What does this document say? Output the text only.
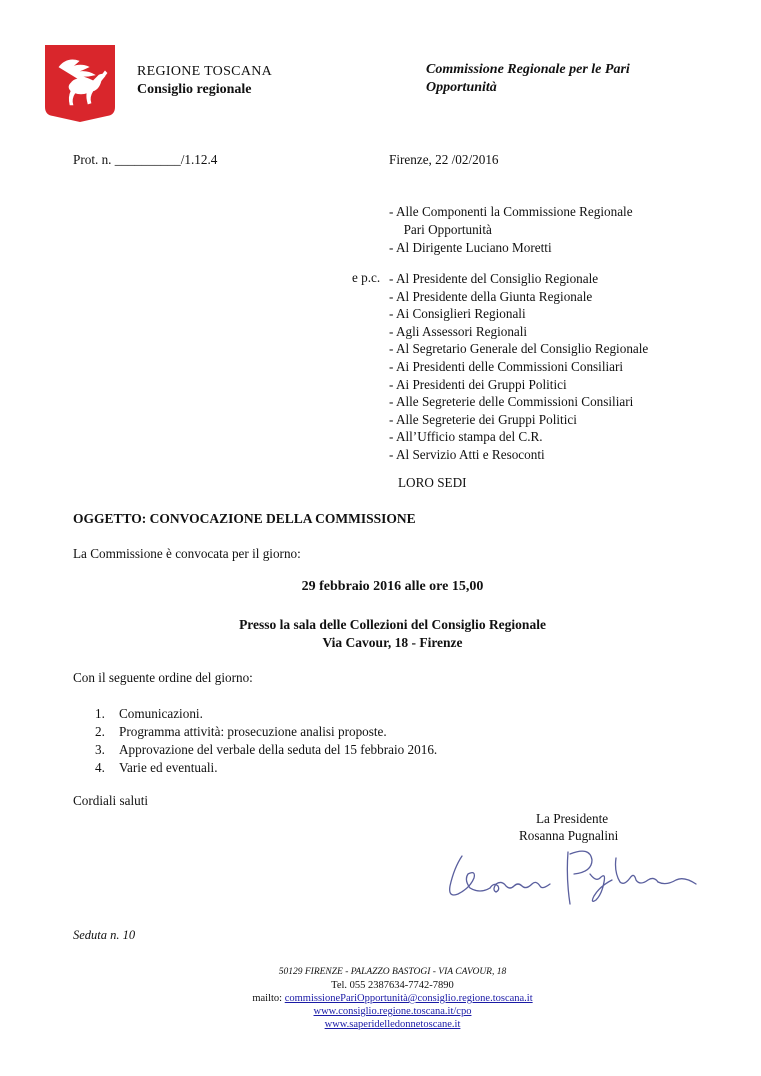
REGIONE TOSCANA
Consiglio regionale
Commissione Regionale per le Pari
Opportunità
Prot. n. __________/1.12.4	Firenze, 22 /02/2016
- Alle Componenti la Commissione Regionale
Pari Opportunità
- Al Dirigente Luciano Moretti
e p.c. - Al Presidente del Consiglio Regionale
- Al Presidente della Giunta Regionale
- Ai Consiglieri Regionali
- Agli Assessori Regionali
- Al Segretario Generale del Consiglio Regionale
- Ai Presidenti delle Commissioni Consiliari
- Ai Presidenti dei Gruppi Politici
- Alle Segreterie delle Commissioni Consiliari
- Alle Segreterie dei Gruppi Politici
- All’Ufficio stampa del C.R.
- Al Servizio Atti e Resoconti
LORO SEDI
OGGETTO: CONVOCAZIONE DELLA COMMISSIONE
La Commissione è convocata per il giorno:
29 febbraio 2016 alle ore 15,00
Presso la sala delle Collezioni del Consiglio Regionale
Via Cavour, 18 - Firenze
Con il seguente ordine del giorno:
1. Comunicazioni.
2. Programma attività: prosecuzione analisi proposte.
3. Approvazione del verbale della seduta del 15 febbraio 2016.
4. Varie ed eventuali.
Cordiali saluti
La Presidente
Rosanna Pugnalini
Seduta n. 10
50129 FIRENZE - PALAZZO BASTOGI - VIA CAVOUR, 18
Tel. 055 2387634-7742-7890
mailto: commissionePariOpportunità@consiglio.regione.toscana.it
www.consiglio.regione.toscana.it/cpo
www.saperidelledonnetoscane.it
